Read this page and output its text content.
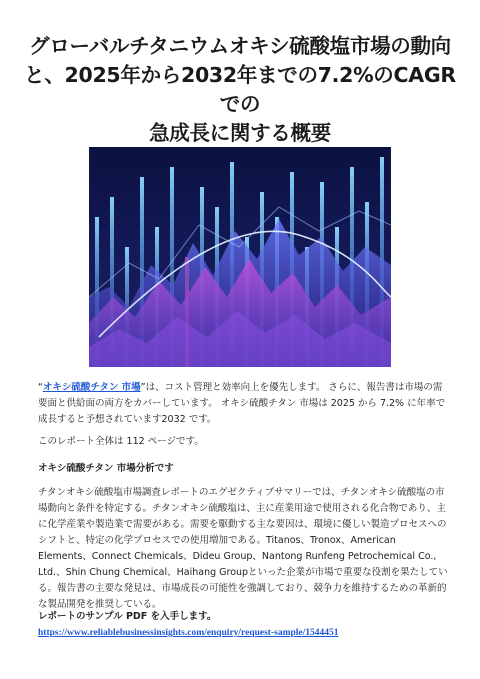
グローバルチタニウムオキシ硫酸塩市場の動向
と、2025年から2032年までの7.2%のCAGRでの
急成長に関する概要

“オキシ硫酸チタン 市場”は、コスト管理と効率向上を優先します。 さらに、報告書は市場の需要面と供給面の両方をカバーしています。 オキシ硫酸チタン 市場は 2025 から 7.2% に年率で成長すると予想されています2032 です。

このレポート全体は 112 ページです。

オキシ硫酸チタン 市場分析です

チタンオキシ硫酸塩市場調査レポートのエグゼクティブサマリーでは、チタンオキシ硫酸塩の市場動向と条件を特定する。チタンオキシ硫酸塩は、主に産業用途で使用される化合物であり、主に化学産業や製造業で需要がある。需要を駆動する主な要因は、環境に優しい製造プロセスへのシフトと、特定の化学プロセスでの使用増加である。Titanos、Tronox、American Elements、Connect Chemicals、Dideu Group、Nantong Runfeng Petrochemical Co., Ltd.、Shin Chung Chemical、Haihang Groupといった企業が市場で重要な役割を果たしている。報告書の主要な発見は、市場成長の可能性を強調しており、競争力を維持するための革新的な製品開発を推奨している。

レポートのサンプル PDF を入手します。 https://www.reliablebusinessinsights.com/enquiry/request-sample/1544451
